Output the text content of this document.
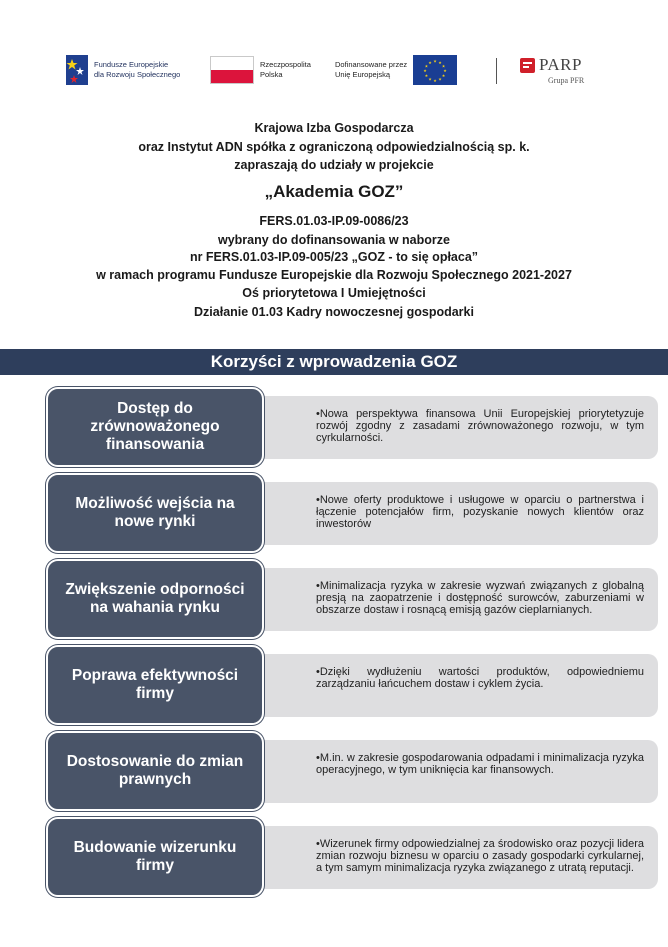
Fundusze Europejskie
dla Rozwoju Społecznego
Rzeczpospolita
Polska
Dofinansowane przez
Unię Europejską
★ ★
★
★
★
★
★
★
★
★
★
★	PARP
Grupa PFR
Krajowa Izba Gospodarcza
oraz Instytut ADN spółka z ograniczoną odpowiedzialnością sp. k.
zapraszają do udziały w projekcie
„Akademia GOZ”
FERS.01.03-IP.09-0086/23
wybrany do dofinansowania w naborze
nr FERS.01.03-IP.09-005/23 „GOZ - to się opłaca”
w ramach programu Fundusze Europejskie dla Rozwoju Społecznego 2021-2027
Oś priorytetowa I Umiejętności
Działanie 01.03 Kadry nowoczesnej gospodarki
Korzyści z wprowadzenia GOZ
•Nowa perspektywa finansowa Unii Europejskiej priorytetyzuje rozwój zgodny z zasadami zrównoważonego rozwoju, w tym cyrkularności.
Dostęp do zrównoważonego finansowania
•Nowe oferty produktowe i usługowe w oparciu o partnerstwa i łączenie potencjałów firm, pozyskanie nowych klientów oraz inwestorów
Możliwość wejścia na nowe rynki
•Minimalizacja ryzyka w zakresie wyzwań związanych z globalną presją na zaopatrzenie i dostępność surowców, zaburzeniami w obszarze dostaw i rosnącą emisją gazów cieplarnianych.
Zwiększenie odporności na wahania rynku
•Dzięki wydłużeniu wartości produktów, odpowiedniemu zarządzaniu łańcuchem dostaw i cyklem życia.
Poprawa efektywności firmy
•M.in. w zakresie gospodarowania odpadami i minimalizacja ryzyka operacyjnego, w tym uniknięcia kar finansowych.
Dostosowanie do zmian prawnych
•Wizerunek firmy odpowiedzialnej za środowisko oraz pozycji lidera zmian rozwoju biznesu w oparciu o zasady gospodarki cyrkularnej, a tym samym minimalizacja ryzyka związanego z utratą reputacji.
Budowanie wizerunku firmy
